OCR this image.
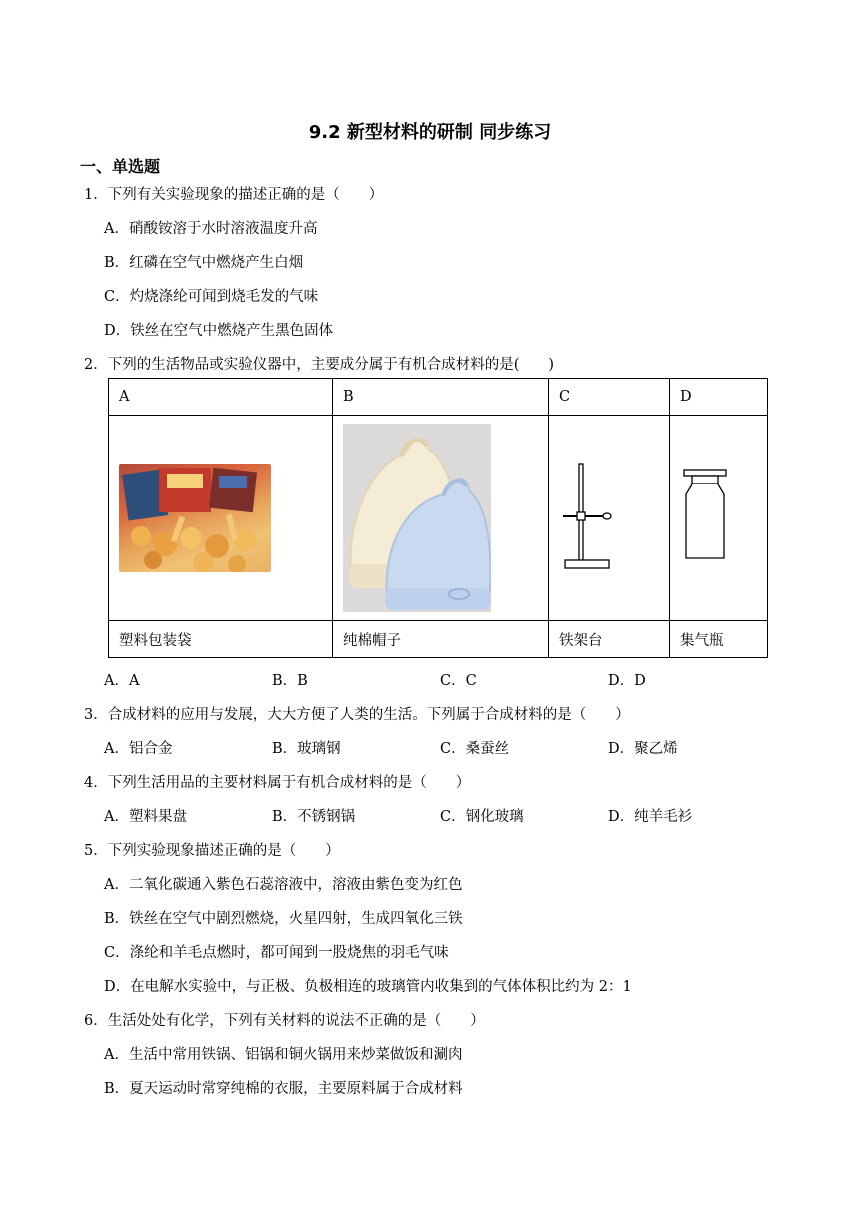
9.2 新型材料的研制 同步练习
一、单选题
1．下列有关实验现象的描述正确的是（　　）
A．硝酸铵溶于水时溶液温度升高
B．红磷在空气中燃烧产生白烟
C．灼烧涤纶可闻到烧毛发的气味
D．铁丝在空气中燃烧产生黑色固体
2．下列的生活物品或实验仪器中，主要成分属于有机合成材料的是(　　)
A	B	C	D

塑料包装袋	纯棉帽子	铁架台	集气瓶
A．A	B．B	C．C	D．D
3．合成材料的应用与发展，大大方便了人类的生活。下列属于合成材料的是（　　）
A．铝合金	B．玻璃钢	C．桑蚕丝	D．聚乙烯
4．下列生活用品的主要材料属于有机合成材料的是（　　）
A．塑料果盘	B．不锈钢锅	C．钢化玻璃	D．纯羊毛衫
5．下列实验现象描述正确的是（　　）
A．二氧化碳通入紫色石蕊溶液中，溶液由紫色变为红色
B．铁丝在空气中剧烈燃烧，火星四射，生成四氧化三铁
C．涤纶和羊毛点燃时，都可闻到一股烧焦的羽毛气味
D．在电解水实验中，与正极、负极相连的玻璃管内收集到的气体体积比约为 2：1
6．生活处处有化学，下列有关材料的说法不正确的是（　　）
A．生活中常用铁锅、铝锅和铜火锅用来炒菜做饭和涮肉
B．夏天运动时常穿纯棉的衣服，主要原料属于合成材料
